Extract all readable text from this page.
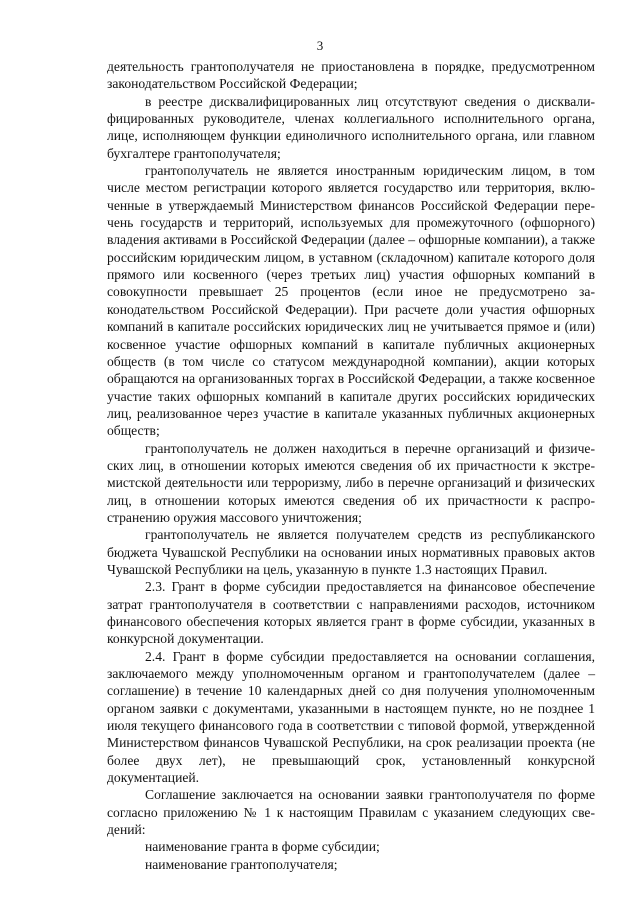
3

деятельность грантополучателя не приостановлена в порядке, предусмотренном законодательством Российской Федерации;

в реестре дисквалифицированных лиц отсутствуют сведения о дисквалифицированных руководителе, членах коллегиального исполнительного органа, лице, исполняющем функции единоличного исполнительного органа, или главном бухгалтере грантополучателя;

грантополучатель не является иностранным юридическим лицом, в том числе местом регистрации которого является государство или территория, включенные в утверждаемый Министерством финансов Российской Федерации перечень государств и территорий, используемых для промежуточного (офшорного) владения активами в Российской Федерации (далее – офшорные компании), а также российским юридическим лицом, в уставном (складочном) капитале которого доля прямого или косвенного (через третьих лиц) участия офшорных компаний в совокупности превышает 25 процентов (если иное не предусмотрено законодательством Российской Федерации). При расчете доли участия офшорных компаний в капитале российских юридических лиц не учитывается прямое и (или) косвенное участие офшорных компаний в капитале публичных акционерных обществ (в том числе со статусом международной компании), акции которых обращаются на организованных торгах в Российской Федерации, а также косвенное участие таких офшорных компаний в капитале других российских юридических лиц, реализованное через участие в капитале указанных публичных акционерных обществ;

грантополучатель не должен находиться в перечне организаций и физических лиц, в отношении которых имеются сведения об их причастности к экстремистской деятельности или терроризму, либо в перечне организаций и физических лиц, в отношении которых имеются сведения об их причастности к распространению оружия массового уничтожения;

грантополучатель не является получателем средств из республиканского бюджета Чувашской Республики на основании иных нормативных правовых актов Чувашской Республики на цель, указанную в пункте 1.3 настоящих Правил.

2.3. Грант в форме субсидии предоставляется на финансовое обеспечение затрат грантополучателя в соответствии с направлениями расходов, источником финансового обеспечения которых является грант в форме субсидии, указанных в конкурсной документации.

2.4. Грант в форме субсидии предоставляется на основании соглашения, заключаемого между уполномоченным органом и грантополучателем (далее – соглашение) в течение 10 календарных дней со дня получения уполномоченным органом заявки с документами, указанными в настоящем пункте, но не позднее 1 июля текущего финансового года в соответствии с типовой формой, утвержденной Министерством финансов Чувашской Республики, на срок реализации проекта (не более двух лет), не превышающий срок, установленный конкурсной документацией.

Соглашение заключается на основании заявки грантополучателя по форме согласно приложению № 1 к настоящим Правилам с указанием следующих сведений:

наименование гранта в форме субсидии;

наименование грантополучателя;
